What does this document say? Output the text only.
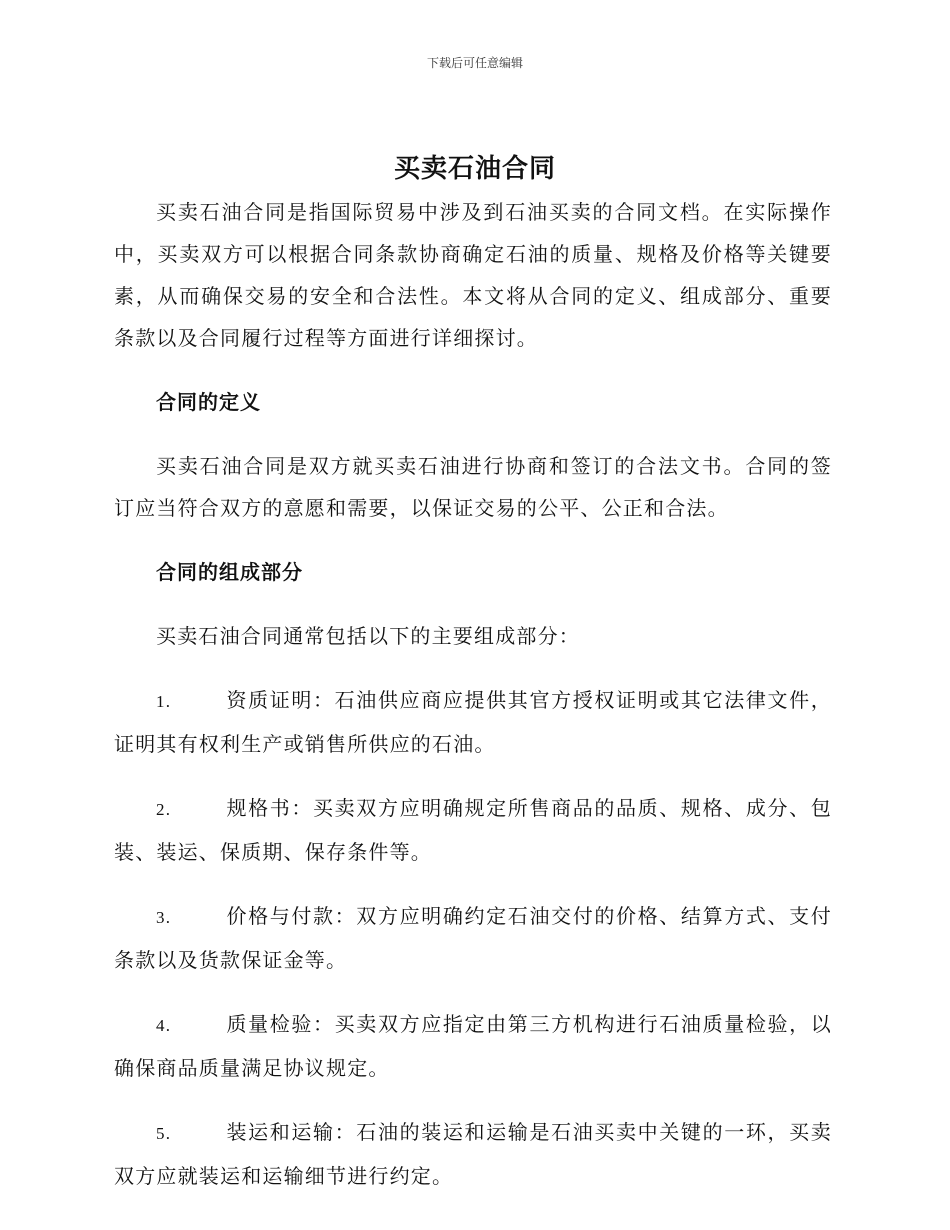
下载后可任意编辑
买卖石油合同

买卖石油合同是指国际贸易中涉及到石油买卖的合同文档。在实际操作中，买卖双方可以根据合同条款协商确定石油的质量、规格及价格等关键要素，从而确保交易的安全和合法性。本文将从合同的定义、组成部分、重要条款以及合同履行过程等方面进行详细探讨。

合同的定义

买卖石油合同是双方就买卖石油进行协商和签订的合法文书。合同的签订应当符合双方的意愿和需要，以保证交易的公平、公正和合法。

合同的组成部分

买卖石油合同通常包括以下的主要组成部分：

1.	资质证明：石油供应商应提供其官方授权证明或其它法律文件，证明其有权利生产或销售所供应的石油。

2.	规格书：买卖双方应明确规定所售商品的品质、规格、成分、包装、装运、保质期、保存条件等。

3.	价格与付款：双方应明确约定石油交付的价格、结算方式、支付条款以及货款保证金等。

4.	质量检验：买卖双方应指定由第三方机构进行石油质量检验，以确保商品质量满足协议规定。

5.	装运和运输：石油的装运和运输是石油买卖中关键的一环，买卖双方应就装运和运输细节进行约定。
